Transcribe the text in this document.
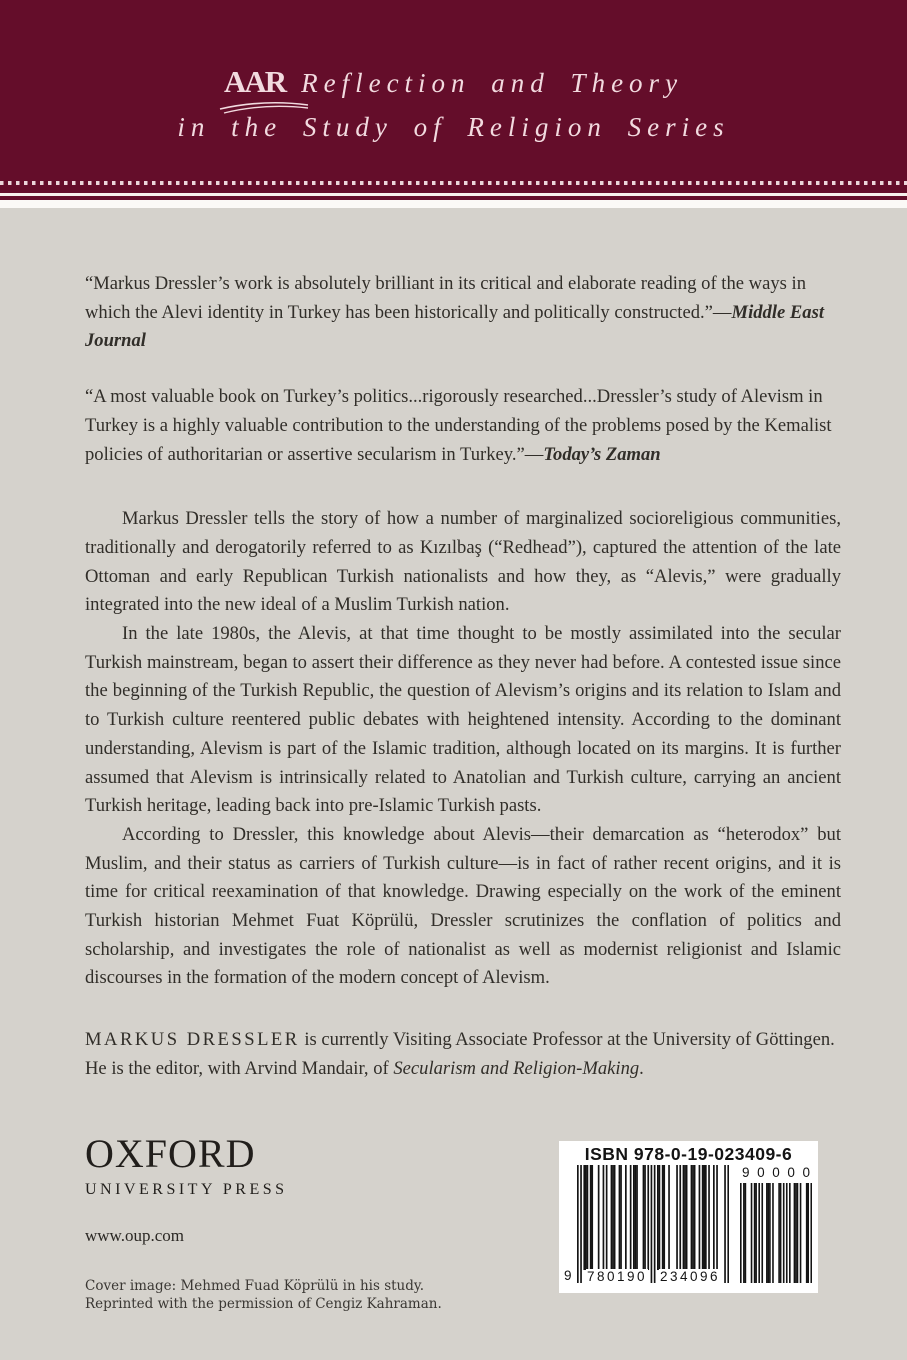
AAR Reflection and Theory
in the Study of Religion Series

“Markus Dressler’s work is absolutely brilliant in its critical and elaborate reading of the ways in which the Alevi identity in Turkey has been historically and politically constructed.”—Middle East Journal

“A most valuable book on Turkey’s politics...rigorously researched...Dressler’s study of Alevism in Turkey is a highly valuable contribution to the understanding of the problems posed by the Kemalist policies of authoritarian or assertive secularism in Turkey.”—Today’s Zaman

Markus Dressler tells the story of how a number of marginalized socioreligious communities, traditionally and derogatorily referred to as Kızılbaş (“Redhead”), captured the attention of the late Ottoman and early Republican Turkish nationalists and how they, as “Alevis,” were gradually integrated into the new ideal of a Muslim Turkish nation.

In the late 1980s, the Alevis, at that time thought to be mostly assimilated into the secular Turkish mainstream, began to assert their difference as they never had before. A contested issue since the beginning of the Turkish Republic, the question of Alevism’s origins and its relation to Islam and to Turkish culture reentered public debates with heightened intensity. According to the dominant understanding, Alevism is part of the Islamic tradition, although located on its margins. It is further assumed that Alevism is intrinsically related to Anatolian and Turkish culture, carrying an ancient Turkish heritage, leading back into pre-Islamic Turkish pasts.

According to Dressler, this knowledge about Alevis—their demarcation as “heterodox” but Muslim, and their status as carriers of Turkish culture—is in fact of rather recent origins, and it is time for critical reexamination of that knowledge. Drawing especially on the work of the eminent Turkish historian Mehmet Fuat Köprülü, Dressler scrutinizes the conflation of politics and scholarship, and investigates the role of nationalist as well as modernist religionist and Islamic discourses in the formation of the modern concept of Alevism.

MARKUS DRESSLER is currently Visiting Associate Professor at the University of Göttingen. He is the editor, with Arvind Mandair, of Secularism and Religion-Making.

OXFORD
UNIVERSITY PRESS
www.oup.com
Cover image: Mehmed Fuad Köprülü in his study.
Reprinted with the permission of Cengiz Kahraman.
ISBN 978-0-19-023409-6
9 780190 234096
9 0 0 0 0
